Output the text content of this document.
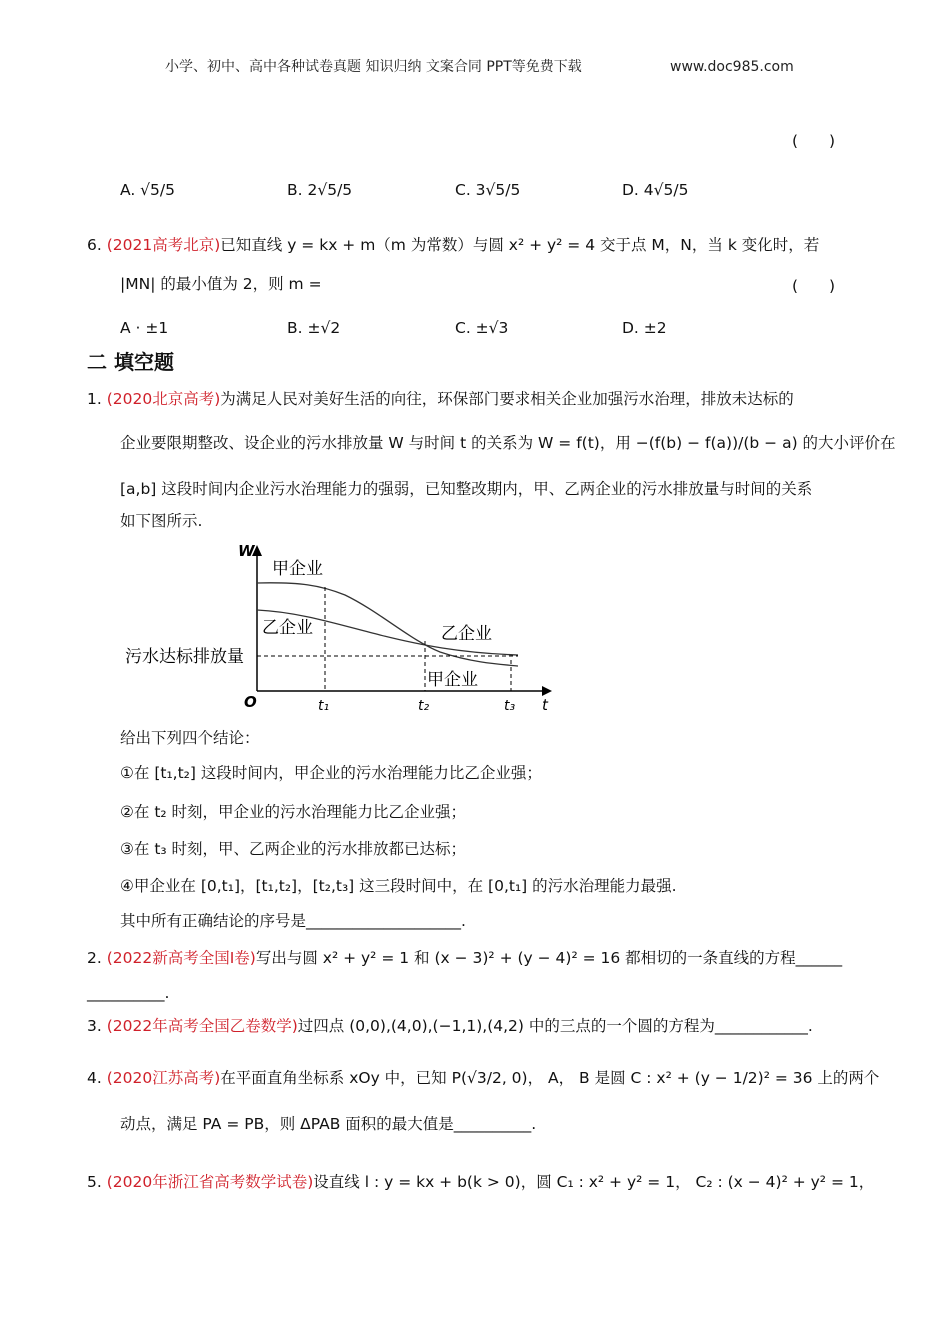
小学、初中、高中各种试卷真题 知识归纳 文案合同 PPT等免费下载	www.doc985.com
(　　)
A. √5/5	B. 2√5/5	C. 3√5/5	D. 4√5/5
6. (2021高考北京)已知直线 y = kx + m（m 为常数）与圆 x² + y² = 4 交于点 M，N，当 k 变化时，若
|MN| 的最小值为 2，则 m =	(　　)
A · ±1	B. ±√2	C. ±√3	D. ±2
二 填空题
1. (2020北京高考)为满足人民对美好生活的向往，环保部门要求相关企业加强污水治理，排放未达标的
企业要限期整改、设企业的污水排放量 W 与时间 t 的关系为 W = f(t)，用 −(f(b) − f(a))/(b − a) 的大小评价在
[a,b] 这段时间内企业污水治理能力的强弱，已知整改期内，甲、乙两企业的污水排放量与时间的关系
如下图所示.
W
O	t
t₁	t₂	t₃
甲企业
乙企业	乙企业
甲企业
污水达标排放量
给出下列四个结论：
①在 [t₁,t₂] 这段时间内，甲企业的污水治理能力比乙企业强；
②在 t₂ 时刻，甲企业的污水治理能力比乙企业强；
③在 t₃ 时刻，甲、乙两企业的污水排放都已达标；
④甲企业在 [0,t₁]，[t₁,t₂]，[t₂,t₃] 这三段时间中，在 [0,t₁] 的污水治理能力最强.
其中所有正确结论的序号是____________________.
2. (2022新高考全国I卷)写出与圆 x² + y² = 1 和 (x − 3)² + (y − 4)² = 16 都相切的一条直线的方程______
__________.
3. (2022年高考全国乙卷数学)过四点 (0,0),(4,0),(−1,1),(4,2) 中的三点的一个圆的方程为____________.
4. (2020江苏高考)在平面直角坐标系 xOy 中，已知 P(√3/2, 0)， A， B 是圆 C : x² + (y − 1/2)² = 36 上的两个
动点，满足 PA = PB，则 ΔPAB 面积的最大值是__________.
5. (2020年浙江省高考数学试卷)设直线 l : y = kx + b(k > 0)，圆 C₁ : x² + y² = 1， C₂ : (x − 4)² + y² = 1，
